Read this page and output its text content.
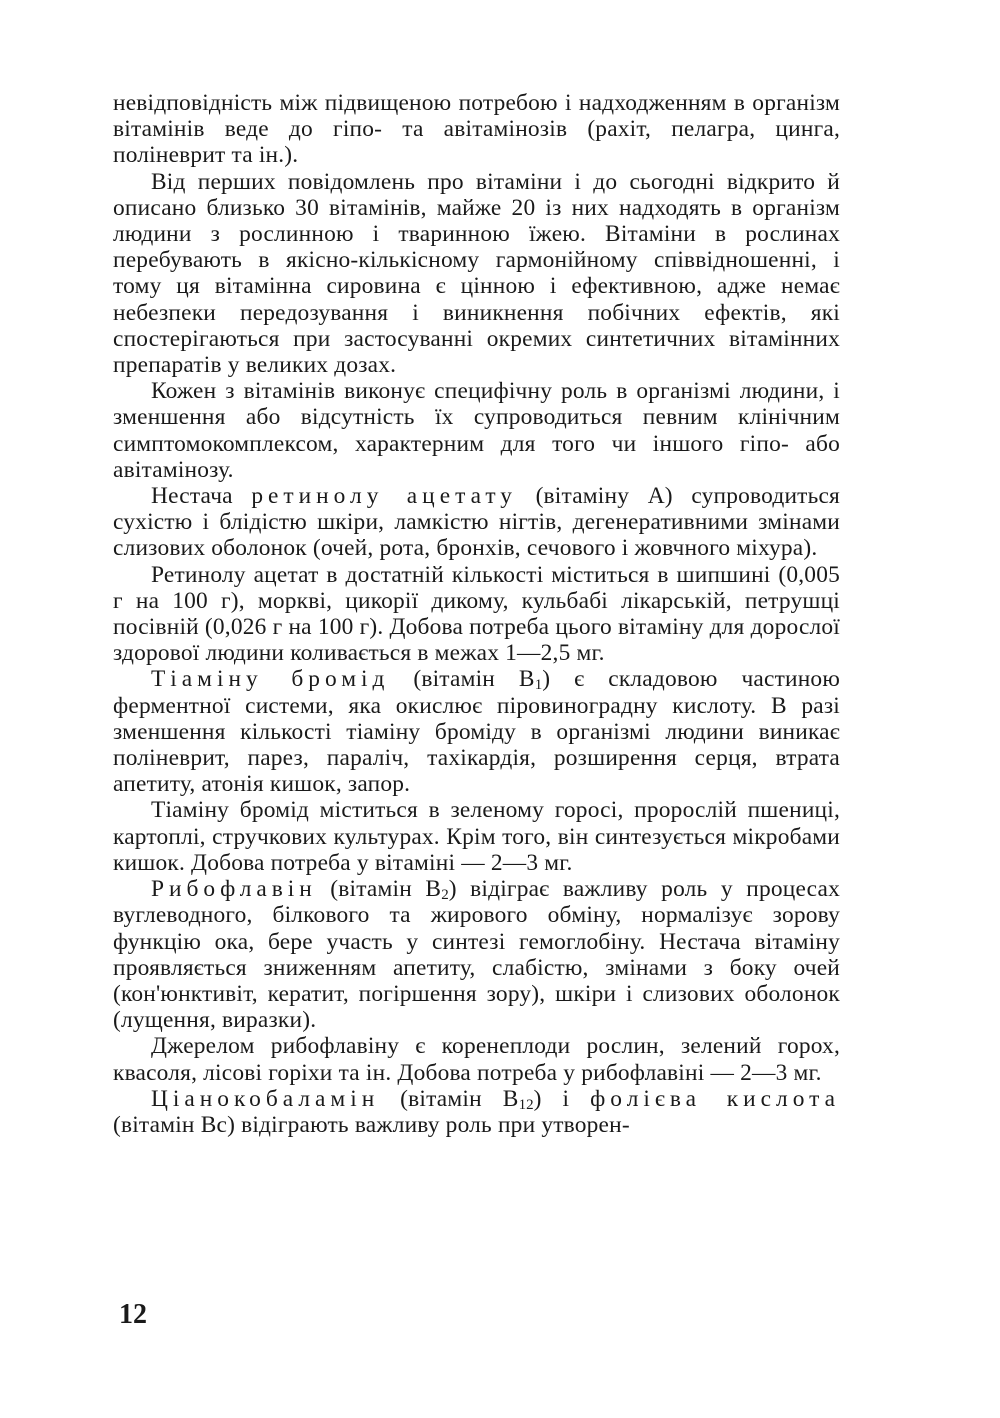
невідповідність між підвищеною потребою і надходженням в організм вітамінів веде до гіпо- та авітамінозів (рахіт, пелагра, цинга, поліневрит та ін.).

Від перших повідомлень про вітаміни і до сьогодні відкрито й описано близько 30 вітамінів, майже 20 із них надходять в організм людини з рослинною і тваринною їжею. Вітаміни в рослинах перебувають в якісно-кількісному гармонійному співвідношенні, і тому ця вітамінна сировина є цінною і ефективною, адже немає небезпеки передозування і виникнення побічних ефектів, які спостерігаються при застосуванні окремих синтетичних вітамінних препаратів у великих дозах.

Кожен з вітамінів виконує специфічну роль в організмі людини, і зменшення або відсутність їх супроводиться певним клінічним симптомокомплексом, характерним для того чи іншого гіпо- або авітамінозу.

Нестача ретинолу ацетату (вітаміну А) супроводиться сухістю і блідістю шкіри, ламкістю нігтів, дегенеративними змінами слизових оболонок (очей, рота, бронхів, сечового і жовчного міхура).

Ретинолу ацетат в достатній кількості міститься в шипшині (0,005 г на 100 г), моркві, цикорії дикому, кульбабі лікарській, петрушці посівній (0,026 г на 100 г). Добова потреба цього вітаміну для дорослої здорової людини коливається в межах 1—2,5 мг.

Тіаміну бромід (вітамін $B_1$) є складовою частиною ферментної системи, яка окислює піровиноградну кислоту. В разі зменшення кількості тіаміну броміду в організмі людини виникає поліневрит, парез, параліч, тахікардія, розширення серця, втрата апетиту, атонія кишок, запор.

Тіаміну бромід міститься в зеленому горосі, пророслій пшениці, картоплі, стручкових культурах. Крім того, він синтезується мікробами кишок. Добова потреба у вітаміні — 2—3 мг.

Рибофлавін (вітамін $B_2$) відіграє важливу роль у процесах вуглеводного, білкового та жирового обміну, нормалізує зорову функцію ока, бере участь у синтезі гемоглобіну. Нестача вітаміну проявляється зниженням апетиту, слабістю, змінами з боку очей (кон'юнктивіт, кератит, погіршення зору), шкіри і слизових оболонок (лущення, виразки).

Джерелом рибофлавіну є коренеплоди рослин, зелений горох, квасоля, лісові горіхи та ін. Добова потреба у рибофлавіні — 2—3 мг.

Ціанокобаламін (вітамін $B_{12}$) і фолієва кислота (вітамін Bc) відіграють важливу роль при утворен-

12
